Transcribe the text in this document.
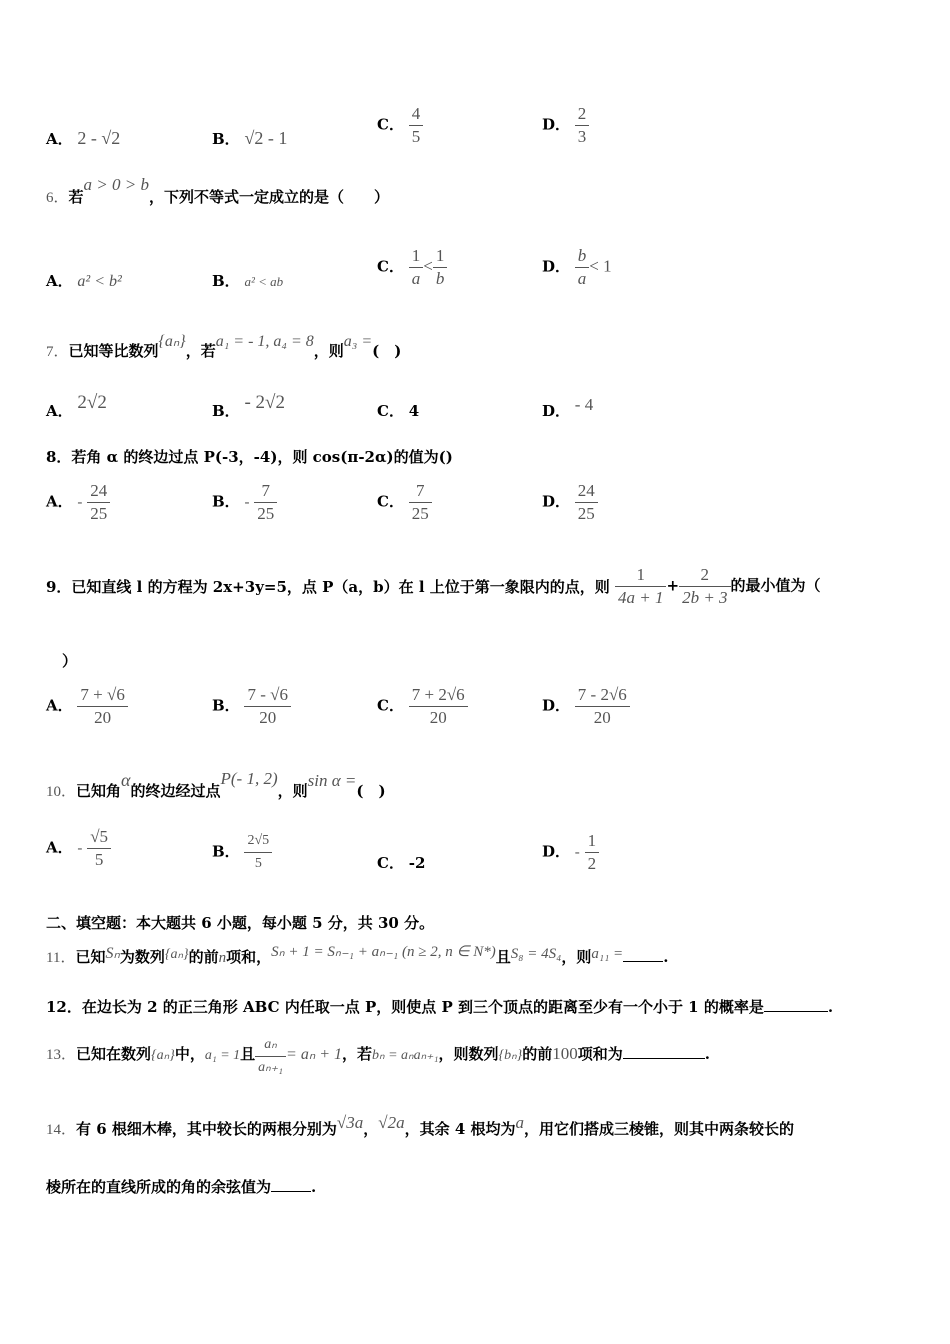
A． 2 - √2	B． √2 - 1
C． $\frac{4}{5}$	D． $\frac{2}{3}$
6．若a > 0 > b，下列不等式一定成立的是（　　）
A． a² < b²	B． a² < ab
C． $\frac{1}{a} < \frac{1}{b}$	D． $\frac{b}{a} < 1$
7．已知等比数列{aₙ}，若a₁ = - 1, a₄ = 8，则a₃ =(　)
A． 2√2	B． - 2√2	C． 4	D． - 4
8．若角 α 的终边过点 P(-3，-4)，则 cos(π-2α)的值为()
A． - $\frac{24}{25}$	B． - $\frac{7}{25}$	C． $\frac{7}{25}$	D． $\frac{24}{25}$
9．已知直线 l 的方程为 2x+3y=5，点 P（a，b）在 l 上位于第一象限内的点，则 $\frac{1}{4a + 1} + \frac{2}{2b + 3}$ 的最小值为（
）
A． $\frac{7 + √6}{20}$	B． $\frac{7 - √6}{20}$	C． $\frac{7 + 2√6}{20}$	D． $\frac{7 - 2√6}{20}$
10．已知角α的终边经过点P(- 1, 2)，则sin α =(　)
A． - $\frac{√5}{5}$	B． $\frac{2√5}{5}$	C． -2
D． - $\frac{1}{2}$
二、填空题：本大题共 6 小题，每小题 5 分，共 30 分。
11．已知Sₙ为数列{aₙ}的前n项和，Sₙ + 1 = Sₙ₋₁ + aₙ₋₁ (n ≥ 2, n ∈ N*)且S₈ = 4S₄，则a₁₁ =	.
12．在边长为 2 的正三角形 ABC 内任取一点 P，则使点 P 到三个顶点的距离至少有一个小于 1 的概率是	.
13．已知在数列{aₙ}中，a₁ = 1且 $\frac{\text{aₙ}}{\text{aₙ₊₁}} = a_n + 1$，若bₙ = aₙaₙ₊₁，则数列{bₙ}的前100项和为	.
14．有 6 根细木棒，其中较长的两根分别为√3a，√2a，其余 4 根均为a，用它们搭成三棱锥，则其中两条较长的
棱所在的直线所成的角的余弦值为	.
